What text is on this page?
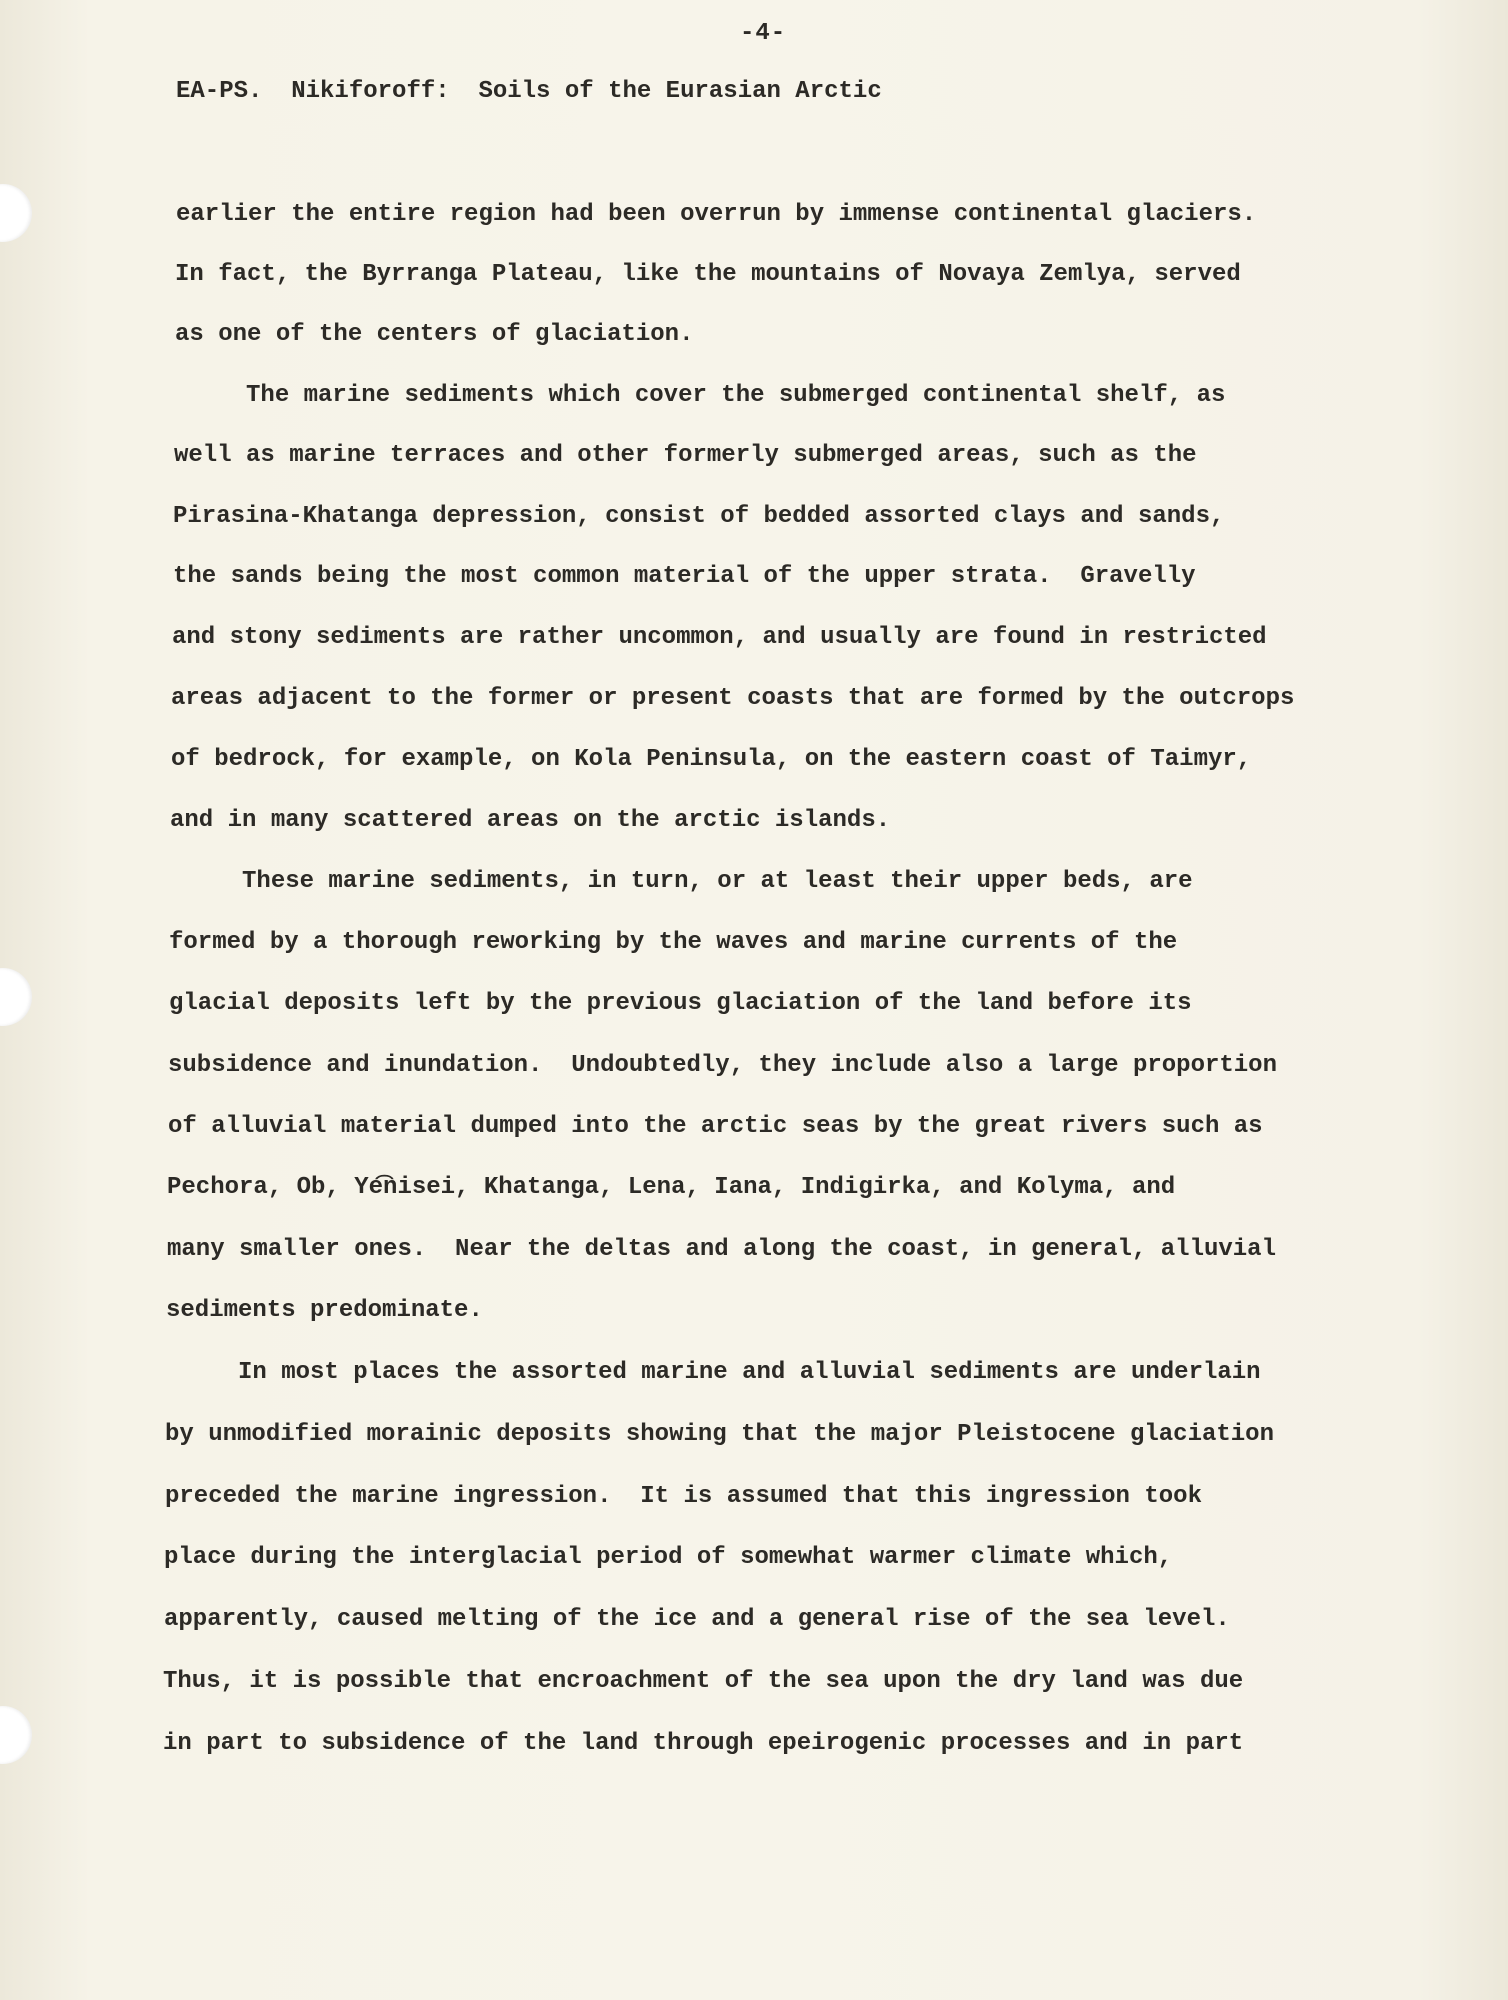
-4-
EA-PS.  Nikiforoff:  Soils of the Eurasian Arctic
earlier the entire region had been overrun by immense continental glaciers.
In fact, the Byrranga Plateau, like the mountains of Novaya Zemlya, served
as one of the centers of glaciation.
The marine sediments which cover the submerged continental shelf, as
well as marine terraces and other formerly submerged areas, such as the
Pirasina-Khatanga depression, consist of bedded assorted clays and sands,
the sands being the most common material of the upper strata.  Gravelly
and stony sediments are rather uncommon, and usually are found in restricted
areas adjacent to the former or present coasts that are formed by the outcrops
of bedrock, for example, on Kola Peninsula, on the eastern coast of Taimyr,
and in many scattered areas on the arctic islands.
These marine sediments, in turn, or at least their upper beds, are
formed by a thorough reworking by the waves and marine currents of the
glacial deposits left by the previous glaciation of the land before its
subsidence and inundation.  Undoubtedly, they include also a large proportion
of alluvial material dumped into the arctic seas by the great rivers such as
Pechora, Ob, Ye͡nisei, Khatanga, Lena, Iana, Indigirka, and Kolyma, and
many smaller ones.  Near the deltas and along the coast, in general, alluvial
sediments predominate.
In most places the assorted marine and alluvial sediments are underlain
by unmodified morainic deposits showing that the major Pleistocene glaciation
preceded the marine ingression.  It is assumed that this ingression took
place during the interglacial period of somewhat warmer climate which,
apparently, caused melting of the ice and a general rise of the sea level.
Thus, it is possible that encroachment of the sea upon the dry land was due
in part to subsidence of the land through epeirogenic processes and in part
